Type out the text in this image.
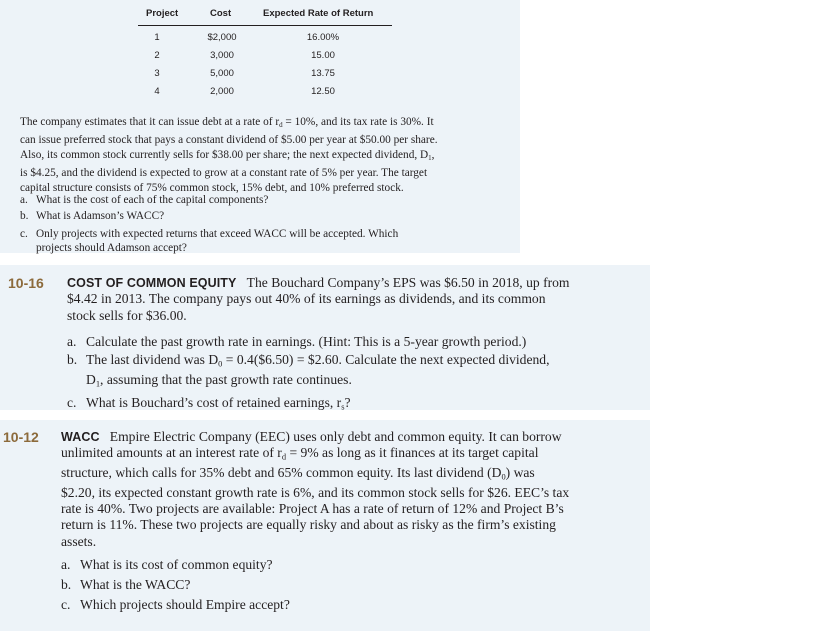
Project	Cost	Expected Rate of Return
1	$2,000	16.00%
2	3,000	15.00
3	5,000	13.75
4	2,000	12.50
The company estimates that it can issue debt at a rate of $r_d = 10\%$, and its tax rate is 30%. It
can issue preferred stock that pays a constant dividend of $5.00 per year at $50.00 per share.
Also, its common stock currently sells for $38.00 per share; the next expected dividend, $D_1$,
is $4.25, and the dividend is expected to grow at a constant rate of 5% per year. The target
capital structure consists of 75% common stock, 15% debt, and 10% preferred stock.
a. What is the cost of each of the capital components?
b. What is Adamson’s WACC?
c. Only projects with expected returns that exceed WACC will be accepted. Which
projects should Adamson accept?
10-16 COST OF COMMON EQUITY The Bouchard Company’s EPS was $6.50 in 2018, up from
$4.42 in 2013. The company pays out 40% of its earnings as dividends, and its common
stock sells for $36.00.
a. Calculate the past growth rate in earnings. (Hint: This is a 5-year growth period.)
b. The last dividend was $D_0$ = 0.4($6.50) = $2.60. Calculate the next expected dividend,
$D_1$, assuming that the past growth rate continues.
c. What is Bouchard’s cost of retained earnings, $r_s$?
10-12 WACC Empire Electric Company (EEC) uses only debt and common equity. It can borrow
unlimited amounts at an interest rate of $r_d = 9\%$ as long as it finances at its target capital
structure, which calls for 35% debt and 65% common equity. Its last dividend $(D_0)$ was
$2.20, its expected constant growth rate is 6%, and its common stock sells for $26. EEC’s tax
rate is 40%. Two projects are available: Project A has a rate of return of 12% and Project B’s
return is 11%. These two projects are equally risky and about as risky as the firm’s existing
assets.
a. What is its cost of common equity?
b. What is the WACC?
c. Which projects should Empire accept?
